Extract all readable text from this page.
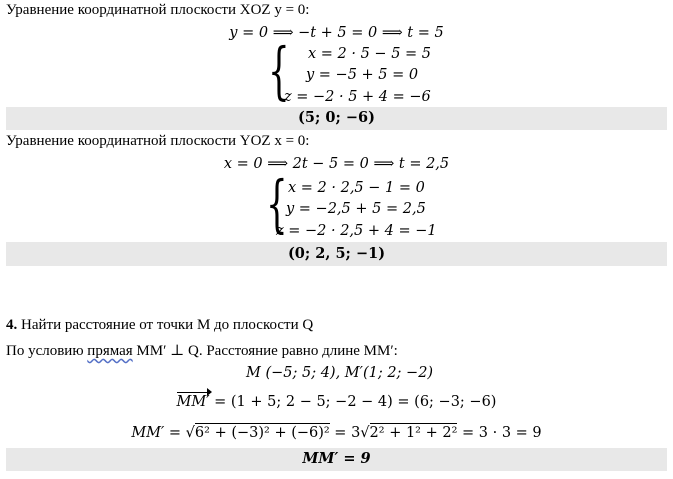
Уравнение координатной плоскости XOZ y = 0:
y = 0 ⟹ −t + 5 = 0 ⟹ t = 5
{ x = 2 · 5 − 5 = 5
y = −5 + 5 = 0
z = −2 · 5 + 4 = −6
(5; 0; −6)
Уравнение координатной плоскости YOZ x = 0:
x = 0 ⟹ 2t − 5 = 0 ⟹ t = 2,5
{ x = 2 · 2,5 − 1 = 0
y = −2,5 + 5 = 2,5
z = −2 · 2,5 + 4 = −1
(0; 2, 5; −1)
4. Найти расстояние от точки М до плоскости Q
По условию прямая MM′ ⊥ Q. Расстояние равно длине MM′:
M (−5; 5; 4), M′(1; 2; −2)
MM′ = (1 + 5; 2 − 5; −2 − 4) = (6; −3; −6)
MM′ = √6² + (−3)² + (−6)² = 3√2² + 1² + 2² = 3 · 3 = 9
MM′ = 9
